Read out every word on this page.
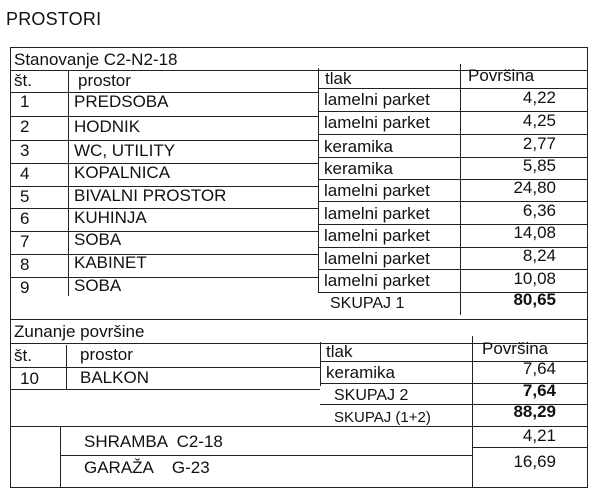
PROSTORI
Stanovanje C2-N2-18
št.	prostor	tlak	Površina
1	PREDSOBA	lamelni parket	4,22
2	HODNIK	lamelni parket	4,25
3	WC, UTILITY	keramika	2,77
4	KOPALNICA	keramika	5,85
5	BIVALNI PROSTOR	lamelni parket	24,80
6	KUHINJA	lamelni parket	6,36
7	SOBA	lamelni parket	14,08
8	KABINET	lamelni parket	8,24
9	SOBA	lamelni parket	10,08
SKUPAJ 1	80,65
Zunanje površine
št.	prostor	tlak	Površina
10 BALKON	keramika	7,64
SKUPAJ 2	7,64
SKUPAJ (1+2)	88,29
SHRAMBA  C2-18	4,21
GARAŽA    G-23	16,69
